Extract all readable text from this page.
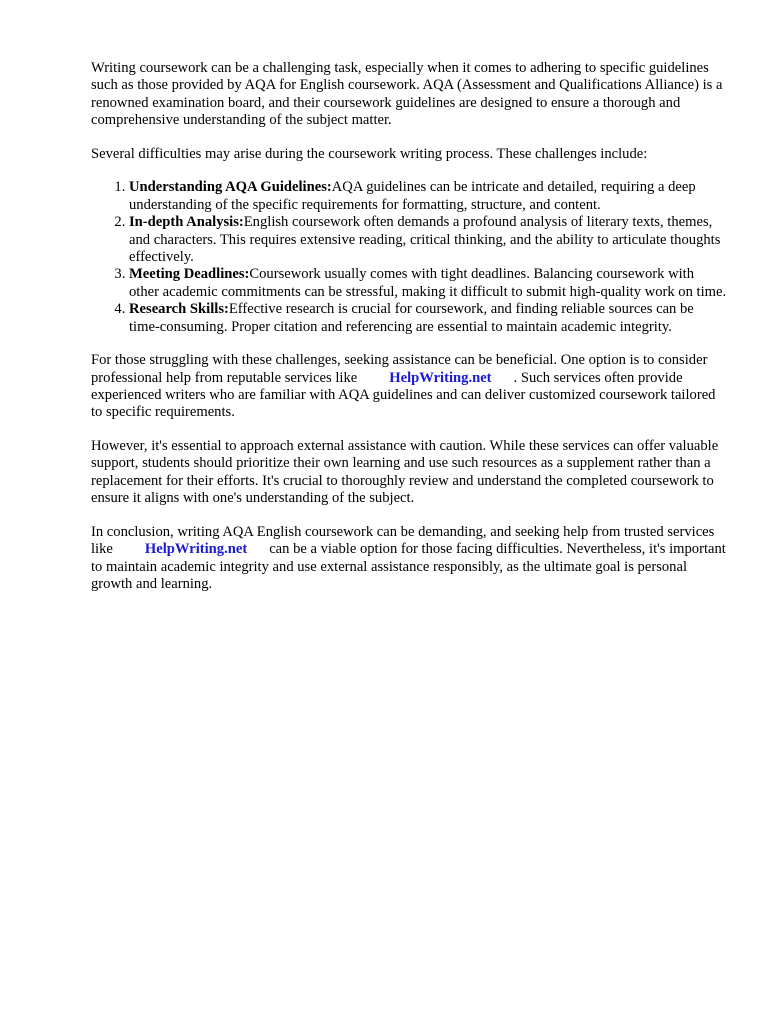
Writing coursework can be a challenging task, especially when it comes to adhering to specific guidelines such as those provided by AQA for English coursework. AQA (Assessment and Qualifications Alliance) is a renowned examination board, and their coursework guidelines are designed to ensure a thorough and comprehensive understanding of the subject matter.

Several difficulties may arise during the coursework writing process. These challenges include:

1. Understanding AQA Guidelines:AQA guidelines can be intricate and detailed, requiring a deep understanding of the specific requirements for formatting, structure, and content.
2. In-depth Analysis:English coursework often demands a profound analysis of literary texts, themes, and characters. This requires extensive reading, critical thinking, and the ability to articulate thoughts effectively.
3. Meeting Deadlines:Coursework usually comes with tight deadlines. Balancing coursework with other academic commitments can be stressful, making it difficult to submit high-quality work on time.
4. Research Skills:Effective research is crucial for coursework, and finding reliable sources can be time-consuming. Proper citation and referencing are essential to maintain academic integrity.

For those struggling with these challenges, seeking assistance can be beneficial. One option is to consider professional help from reputable services like HelpWriting.net . Such services often provide experienced writers who are familiar with AQA guidelines and can deliver customized coursework tailored to specific requirements.

However, it's essential to approach external assistance with caution. While these services can offer valuable support, students should prioritize their own learning and use such resources as a supplement rather than a replacement for their efforts. It's crucial to thoroughly review and understand the completed coursework to ensure it aligns with one's understanding of the subject.

In conclusion, writing AQA English coursework can be demanding, and seeking help from trusted services like HelpWriting.net can be a viable option for those facing difficulties. Nevertheless, it's important to maintain academic integrity and use external assistance responsibly, as the ultimate goal is personal growth and learning.
